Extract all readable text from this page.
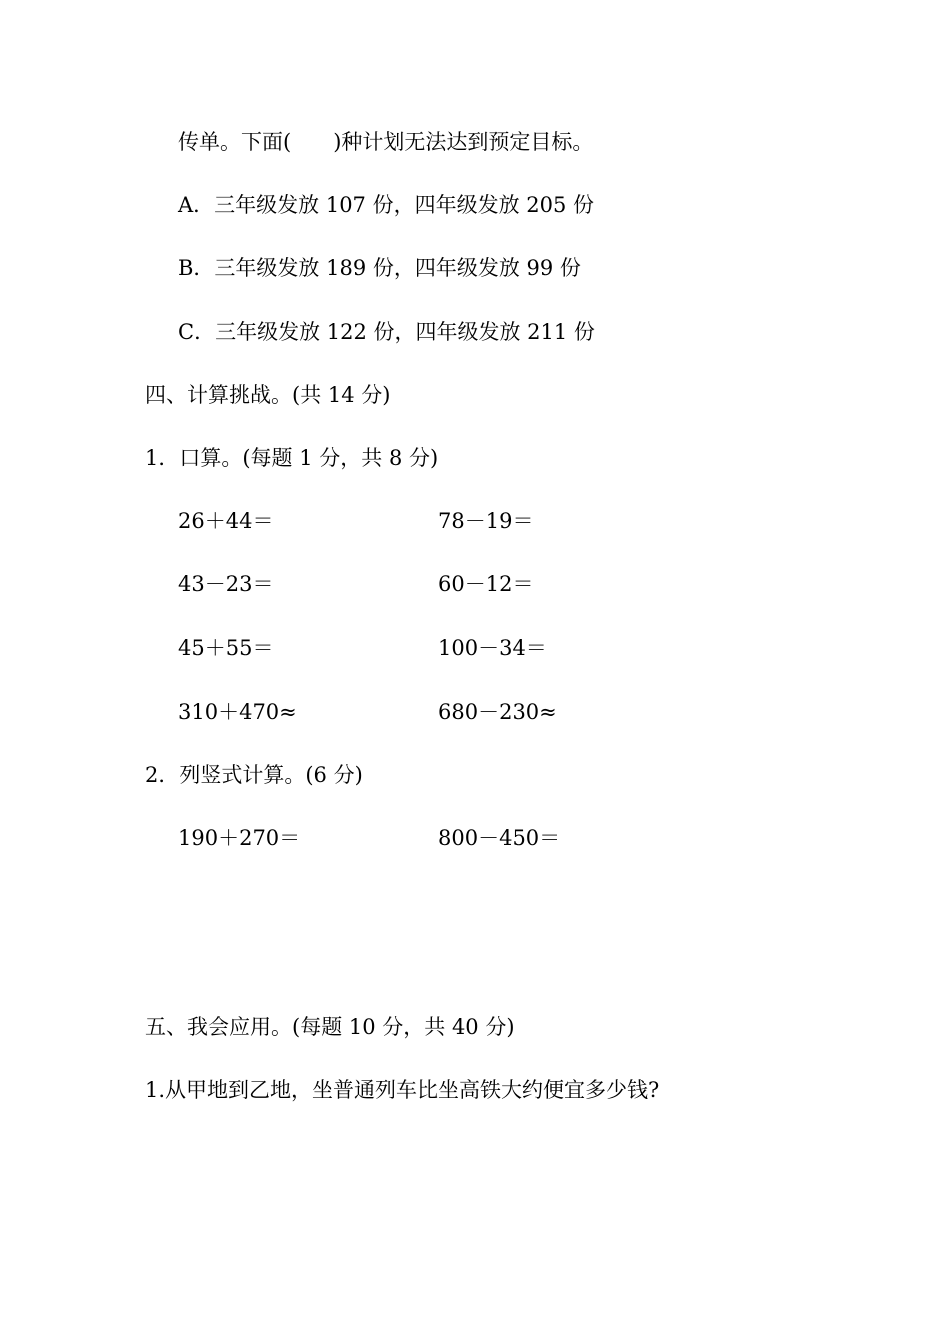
传单。下面(　　)种计划无法达到预定目标。
A．三年级发放 107 份，四年级发放 205 份
B．三年级发放 189 份，四年级发放 99 份
C．三年级发放 122 份，四年级发放 211 份
四、计算挑战。(共 14 分)
1．口算。(每题 1 分，共 8 分)
26＋44＝	78－19＝
43－23＝	60－12＝
45＋55＝	100－34＝
310＋470≈	680－230≈
2．列竖式计算。(6 分)
190＋270＝	800－450＝
五、我会应用。(每题 10 分，共 40 分)
1.从甲地到乙地，坐普通列车比坐高铁大约便宜多少钱?
